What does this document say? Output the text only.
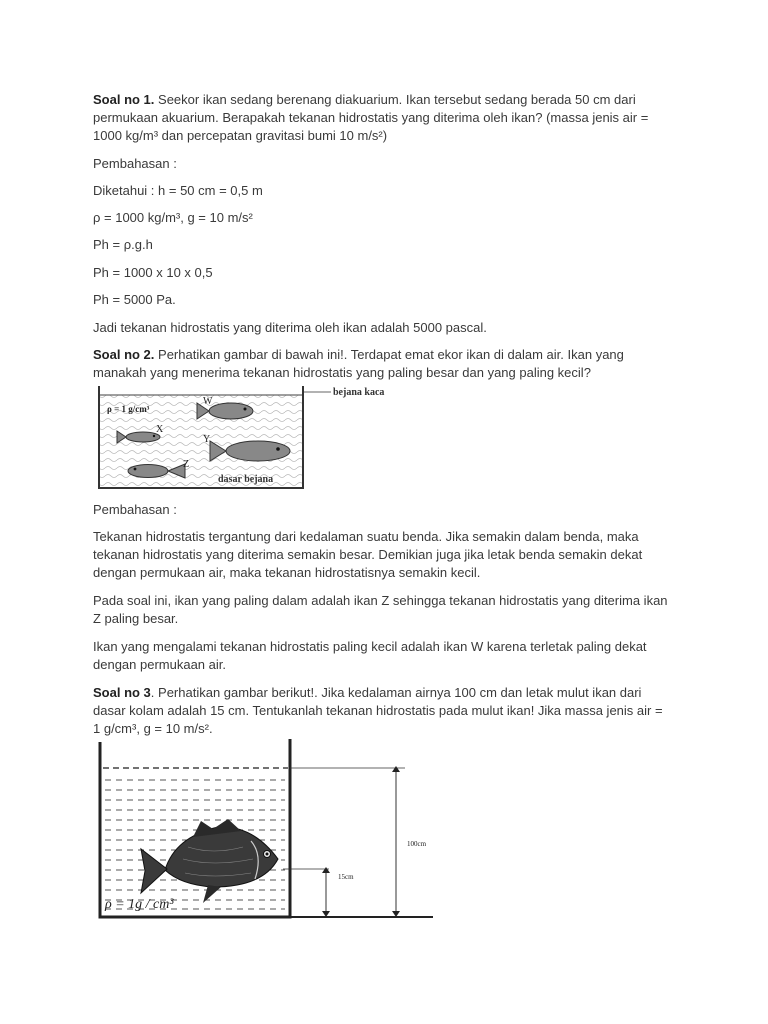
Soal no 1. Seekor ikan sedang berenang diakuarium. Ikan tersebut sedang berada 50 cm dari permukaan akuarium. Berapakah tekanan hidrostatis yang diterima oleh ikan? (massa jenis air = 1000 kg/m³ dan percepatan gravitasi bumi 10 m/s²)

Pembahasan :
Diketahui : h = 50 cm = 0,5 m
ρ = 1000 kg/m³, g = 10 m/s²
Ph = ρ.g.h
Ph = 1000 x 10 x 0,5
Ph = 5000 Pa.
Jadi tekanan hidrostatis yang diterima oleh ikan adalah 5000 pascal.

Soal no 2. Perhatikan gambar di bawah ini!. Terdapat emat ekor ikan di dalam air. Ikan yang manakah yang menerima tekanan hidrostatis yang paling besar dan yang paling kecil?

bejana kaca
dasar bejana
ρ = 1 g/cm³
W
X
Y
Z
Pembahasan :
Tekanan hidrostatis tergantung dari kedalaman suatu benda. Jika semakin dalam benda, maka tekanan hidrostatis yang diterima semakin besar. Demikian juga jika letak benda semakin dekat dengan permukaan air, maka tekanan hidrostatisnya semakin kecil.
Pada soal ini, ikan yang paling dalam adalah ikan Z sehingga tekanan hidrostatis yang diterima ikan Z paling besar.
Ikan yang mengalami tekanan hidrostatis paling kecil adalah ikan W karena terletak paling dekat dengan permukaan air.

Soal no 3. Perhatikan gambar berikut!. Jika kedalaman airnya 100 cm dan letak mulut ikan dari dasar kolam adalah 15 cm. Tentukanlah tekanan hidrostatis pada mulut ikan! Jika massa jenis air = 1 g/cm³, g = 10 m/s².

15cm
100cm
ρ = 1g / cm³
